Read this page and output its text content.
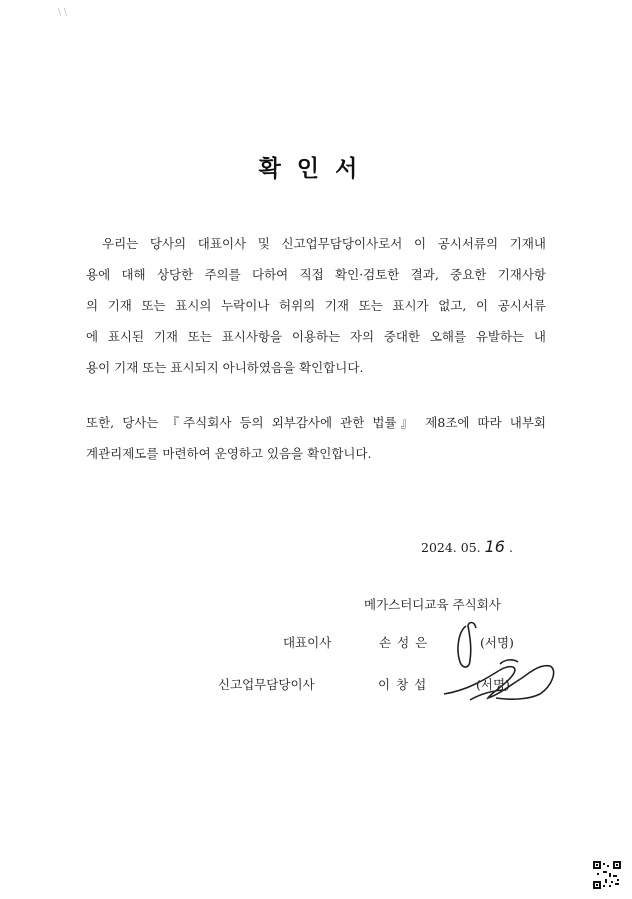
\ \
확인서
우리는 당사의 대표이사 및 신고업무담당이사로서 이 공시서류의 기재내
용에 대해 상당한 주의를 다하여 직접 확인·검토한 결과, 중요한 기재사항
의 기재 또는 표시의 누락이나 허위의 기재 또는 표시가 없고, 이 공시서류
에 표시된 기재 또는 표시사항을 이용하는 자의 중대한 오해를 유발하는 내
용이 기재 또는 표시되지 아니하였음을 확인합니다.
또한, 당사는 『주식회사 등의 외부감사에 관한 법률』 제8조에 따라 내부회
계관리제도를 마련하여 운영하고 있음을 확인합니다.
2024. 05. 16 .
메가스터디교육 주식회사
대표이사	손성은	(서명)
신고업무담당이사	이창섭	(서명)
